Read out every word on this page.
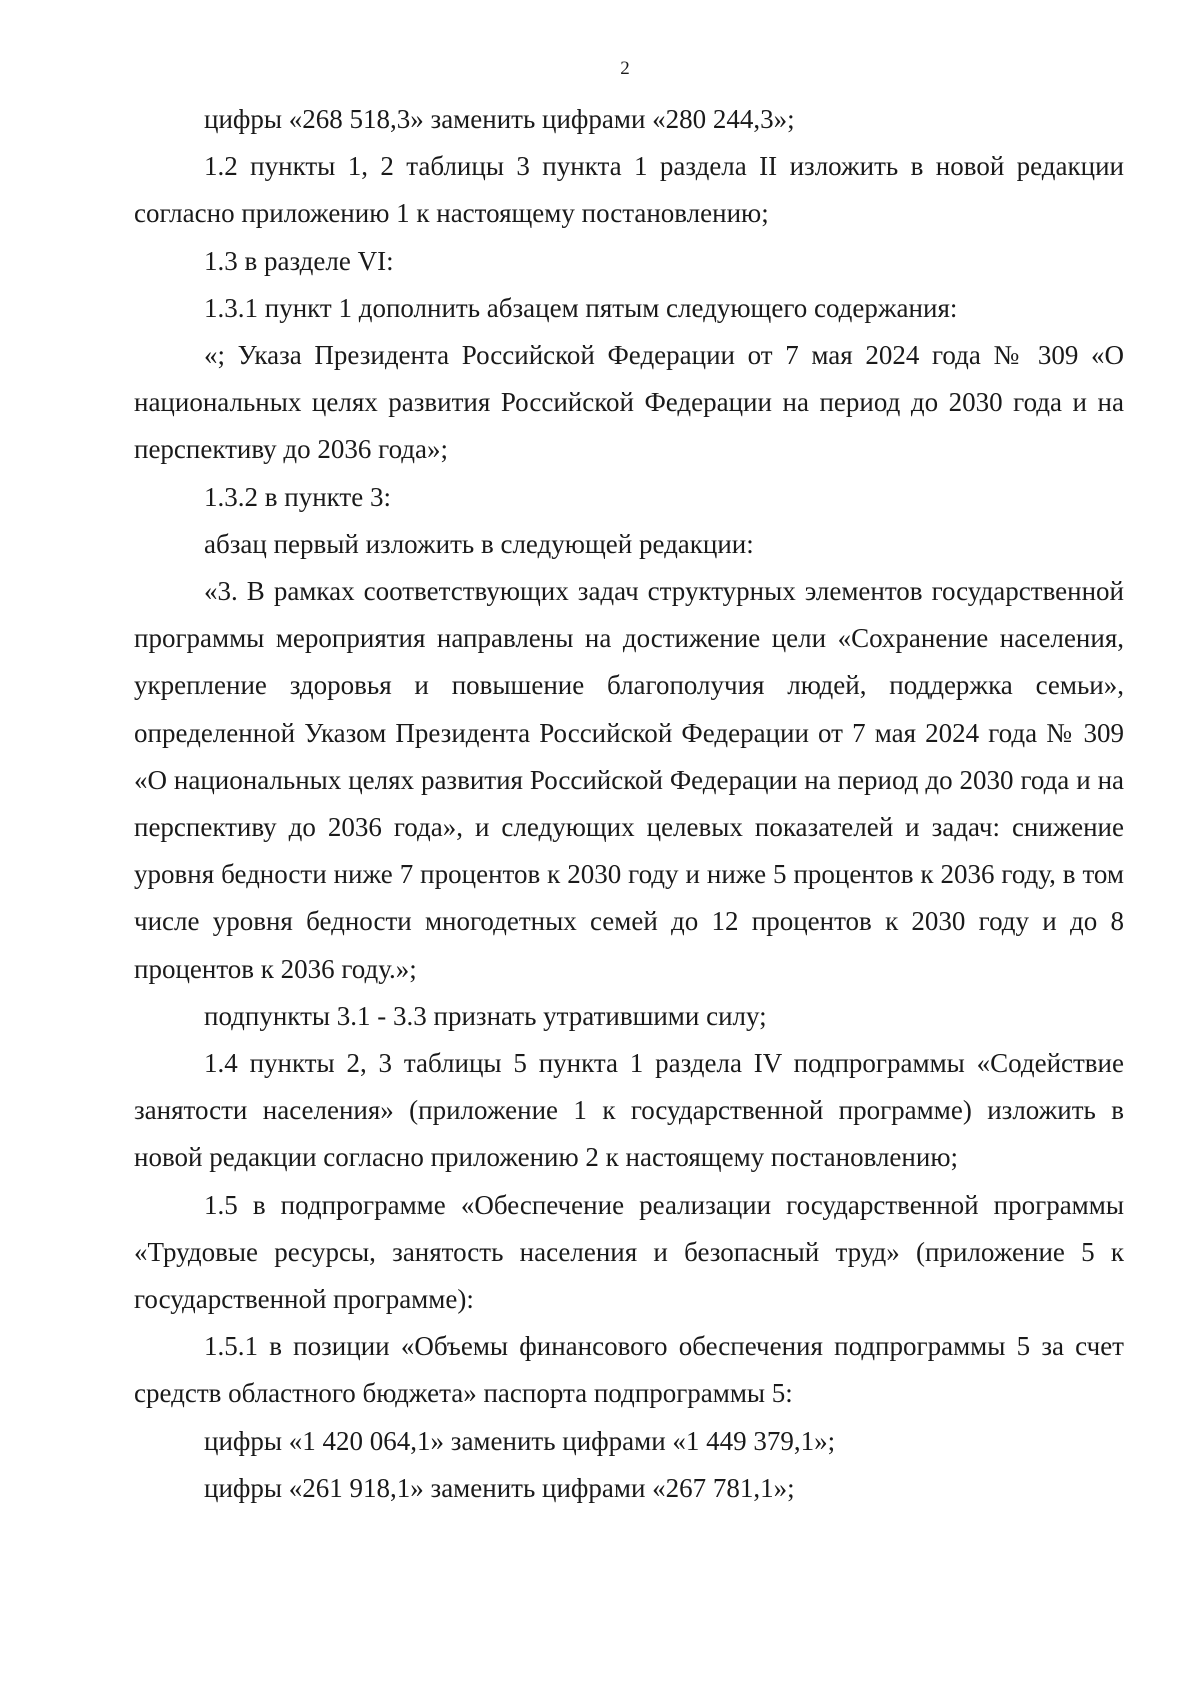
2

цифры «268 518,3» заменить цифрами «280 244,3»;

1.2 пункты 1, 2 таблицы 3 пункта 1 раздела II изложить в новой редакции согласно приложению 1 к настоящему постановлению;

1.3 в разделе VI:

1.3.1 пункт 1 дополнить абзацем пятым следующего содержания:

«; Указа Президента Российской Федерации от 7 мая 2024 года № 309 «О национальных целях развития Российской Федерации на период до 2030 года и на перспективу до 2036 года»;

1.3.2 в пункте 3:

абзац первый изложить в следующей редакции:

«3. В рамках соответствующих задач структурных элементов государственной программы мероприятия направлены на достижение цели «Сохранение населения, укрепление здоровья и повышение благополучия людей, поддержка семьи», определенной Указом Президента Российской Федерации от 7 мая 2024 года № 309 «О национальных целях развития Российской Федерации на период до 2030 года и на перспективу до 2036 года», и следующих целевых показателей и задач: снижение уровня бедности ниже 7 процентов к 2030 году и ниже 5 процентов к 2036 году, в том числе уровня бедности многодетных семей до 12 процентов к 2030 году и до 8 процентов к 2036 году.»;

подпункты 3.1 - 3.3 признать утратившими силу;

1.4 пункты 2, 3 таблицы 5 пункта 1 раздела IV подпрограммы «Содействие занятости населения» (приложение 1 к государственной программе) изложить в новой редакции согласно приложению 2 к настоящему постановлению;

1.5 в подпрограмме «Обеспечение реализации государственной программы «Трудовые ресурсы, занятость населения и безопасный труд» (приложение 5 к государственной программе):

1.5.1 в позиции «Объемы финансового обеспечения подпрограммы 5 за счет средств областного бюджета» паспорта подпрограммы 5:

цифры «1 420 064,1» заменить цифрами «1 449 379,1»;

цифры «261 918,1» заменить цифрами «267 781,1»;
